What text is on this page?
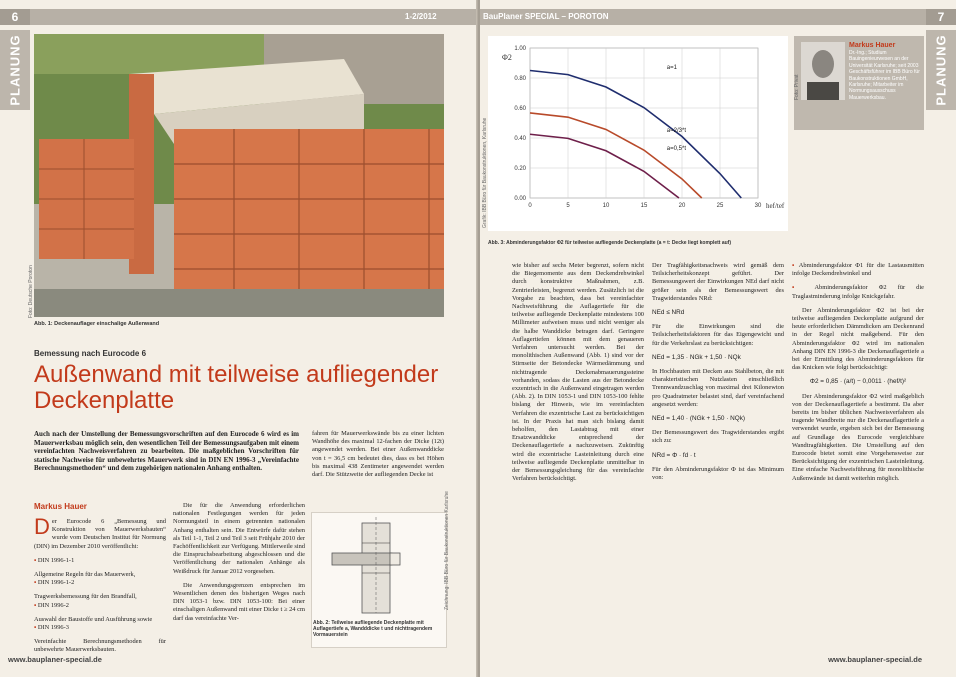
6	1-2/2012
PLANUNG
Foto: Deutsche Poroton
Abb. 1: Deckenauflager einschalige Außenwand
Bemessung nach Eurocode 6
Außenwand mit teilweise aufliegender
Deckenplatte
Auch nach der Umstellung der Bemessungsvorschriften auf den Eurocode 6 wird es im Mauerwerksbau möglich sein, den wesentlichen Teil der Bemessungsaufgaben mit einem vereinfachten Nachweisverfahren zu bearbeiten. Die maßgeblichen Vorschriften für statische Nachweise für unbewehrtes Mauerwerk sind in DIN EN 1996-3 „Vereinfachte Berechnungsmethoden“ und dem zugehörigen nationalen Anhang enthalten.
fahren für Mauerwerkswände bis zu einer lichten Wandhöhe des maximal 12-fachen der Dicke (12t) angewendet werden. Bei einer Außenwanddicke von t = 36,5 cm bedeutet dies, dass es bei Höhen bis maximal 438 Zentimeter angewendet werden darf. Die Stützweite der aufliegenden Decke ist
Markus Hauer

Der Eurocode 6 „Bemessung und Konstruktion von Mauerwerksbauten“ wurde vom Deutschen Institut für Normung (DIN) im Dezember 2010 veröffentlicht:

▪ DIN 1996-1-1

Allgemeine Regeln für das Mauerwerk,

▪ DIN 1996-1-2

Tragwerksbemessung für den Brandfall,

▪ DIN 1996-2

Auswahl der Baustoffe und Ausführung sowie

▪ DIN 1996-3

Vereinfachte Berechnungsmethoden für unbewehrte Mauerwerksbauten.

Die für die Anwendung erforderlichen nationalen Festlegungen werden für jeden Normungsteil in einem getrennten nationalen Anhang enthalten sein. Die Entwürfe dafür stehen als Teil 1-1, Teil 2 und Teil 3 seit Frühjahr 2010 der Fachöffentlichkeit zur Verfügung. Mittlerweile sind die Einspruchsbearbeitung abgeschlossen und die Veröffentlichung der nationalen Anhänge als Weißdruck für Januar 2012 vorgesehen.

Die Anwendungsgrenzen entsprechen im Wesentlichen denen des bisherigen Weges nach DIN 1053-1 bzw. DIN 1053-100: Bei einer einschaligen Außenwand mit einer Dicke t ≥ 24 cm darf das vereinfachte Ver-

Abb. 2: Teilweise aufliegende Deckenplatte mit Auflagertiefe a, Wandddicke t und nichttragendem Vormauerstein
Zeichnung: IBB Büro für Baukonstruktionen Karlsruhe
www.bauplaner-special.de
BauPlaner SPECIAL – POROTON	7
PLANUNG
0.00
0.20
0.40
0.60
0.80
1.00
0	5	10	15	20	25	30
Φ2
hef/tef
a=1
a=2/3*t
a=0,5*t
Grafik: IBB Büro für Baukonstruktionen, Karlsruhe
Abb. 3: Abminderungsfaktor Φ2 für teilweise aufliegende Deckenplatte (a = t: Decke liegt komplett auf)
Markus Hauer
Dr.-Ing.; Studium Bauingenieurwesen an der Universität Karlsruhe; seit 2003 Geschäftsführer im IBB Büro für Baukonstruktionen GmbH, Karlsruhe; Mitarbeiter im Normungsausschuss Mauerwerksbau.
Foto: Privat
wie bisher auf sechs Meter begrenzt, sofern nicht die Biegemomente aus dem Deckendrehwinkel durch konstruktive Maßnahmen, z.B. Zentrierleisten, begrenzt werden. Zusätzlich ist die Vorgabe zu beachten, dass bei vereinfachter Nachweisführung die Auflagertiefe für die teilweise aufliegende Deckenplatte mindestens 100 Millimeter aufweisen muss und nicht weniger als die halbe Wanddicke betragen darf. Geringere Auflagertiefen können mit dem genaueren Verfahren untersucht werden. Bei der monolithischen Außenwand (Abb. 1) sind vor der Stirnseite der Betondecke Wärmedämmung und nichttragende Deckenabmauerungssteine vorhanden, sodass die Lasten aus der Betondecke exzentrisch in die Außenwand eingetragen werden (Abb. 2). In DIN 1053-1 und DIN 1053-100 fehlte bislang der Hinweis, wie im vereinfachten Verfahren die exzentrische Last zu berücksichtigen ist. In der Praxis hat man sich bislang damit beholfen, den Lastabtrag mit einer Ersatzwanddicke entsprechend der Deckenauflagertiefe a nachzuweisen. Zukünftig wird die exzentrische Lasteinleitung durch eine teilweise aufliegende Deckenplatte unmittelbar in der Bemessungsgleichung für das vereinfachte Verfahren berücksichtigt.

Der Tragfähigkeitsnachweis wird gemäß dem Teilsicherheitskonzept geführt. Der Bemessungswert der Einwirkungen NEd darf nicht größer sein als der Bemessungswert des Tragwiderstandes NRd:

NEd ≤ NRd

Für die Einwirkungen sind die Teilsicherheitsfaktoren für das Eigengewicht und für die Verkehrslast zu berücksichtigen:

NEd = 1,35 · NGk + 1,50 · NQk

In Hochbauten mit Decken aus Stahlbeton, die mit charakteristischen Nutzlasten einschließlich Trennwandzuschlag von maximal drei Kilonewton pro Quadratmeter belastet sind, darf vereinfachend angesetzt werden:

NEd = 1,40 · (NGk + 1,50 · NQk)

Der Bemessungswert des Tragwiderstandes ergibt sich zu:

NRd = Φ · fd · t

Für den Abminderungsfaktor Φ ist das Minimum von:

▪ Abminderungsfaktor Φ1 für die Lastausmitten infolge Deckendrehwinkel und

▪ Abminderungsfaktor Φ2 für die Traglastminderung infolge Knickgefahr.

Der Abminderungsfaktor Φ2 ist bei der teilweise aufliegenden Deckenplatte aufgrund der heute erforderlichen Dämmdicken am Deckenrand in der Regel nicht maßgebend. Für den Abminderungsfaktor Φ2 wird im nationalen Anhang DIN EN 1996-3 die Deckenauflagertiefe a bei der Ermittlung des Abminderungsfaktors für das Knicken wie folgt berücksichtigt:

Φ2 = 0,85 · (a/t) − 0,0011 · (hef/t)²

Der Abminderungsfaktor Φ2 wird maßgeblich von der Deckenauflagertiefe a bestimmt. Da aber bereits im bisher üblichen Nachweisverfahren als tragende Wandbreite nur die Deckenauflagertiefe a verwendet wurde, ergeben sich bei der Bemessung auf Grundlage des Eurocode vergleichbare Wandtragfähigkeiten. Die Umstellung auf den Eurocode bietet somit eine Vorgehensweise zur Berücksichtigung der exzentrischen Lasteinleitung. Eine einfache Nachweisführung für monolithische Außenwände ist damit weiterhin möglich.

www.bauplaner-special.de
